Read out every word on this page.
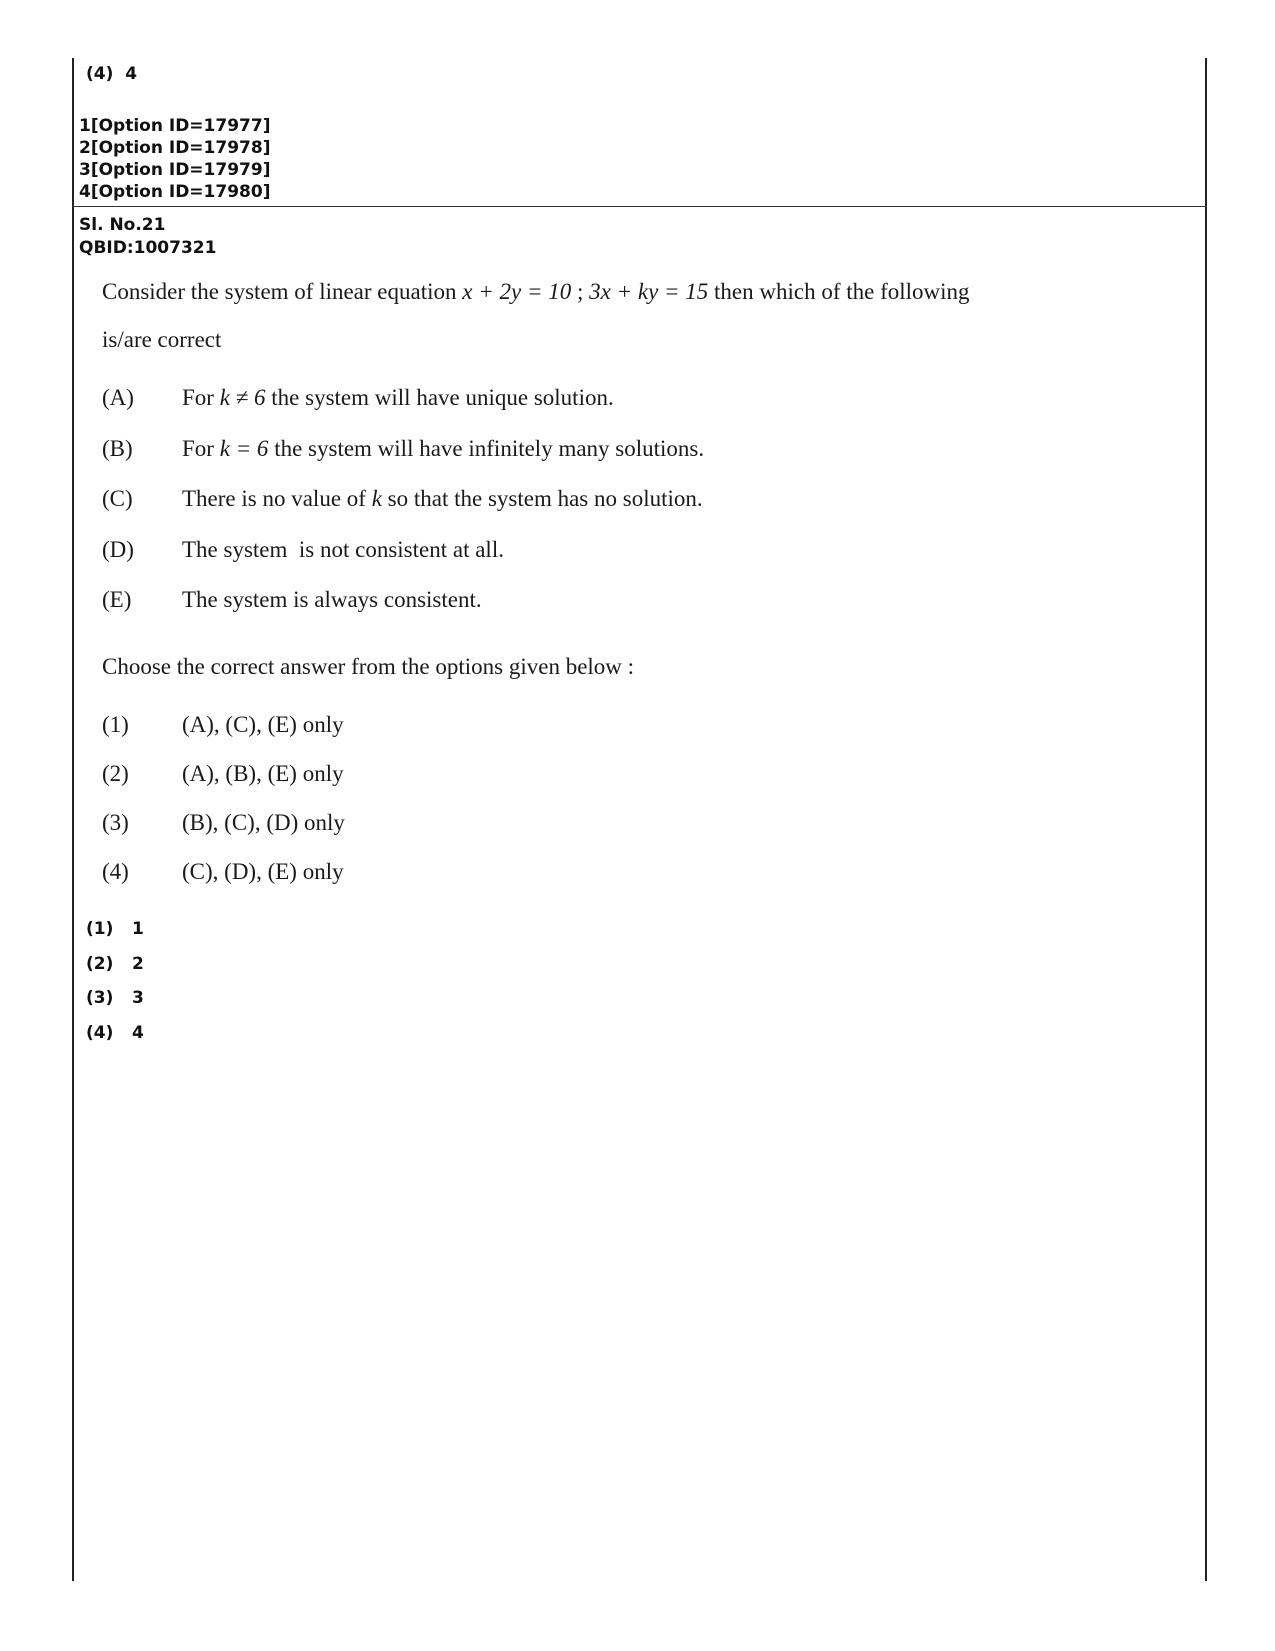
(4) 4
1[Option ID=17977]
2[Option ID=17978]
3[Option ID=17979]
4[Option ID=17980]
Sl. No.21
QBID:1007321
Consider the system of linear equation x + 2y = 10 ; 3x + ky = 15 then which of the following
is/are correct
(A)	For k ≠ 6 the system will have unique solution.
(B)	For k = 6 the system will have infinitely many solutions.
(C)	There is no value of k so that the system has no solution.
(D)	The system  is not consistent at all.
(E)	The system is always consistent.
Choose the correct answer from the options given below :
(1)	(A), (C), (E) only
(2)	(A), (B), (E) only
(3)	(B), (C), (D) only
(4)	(C), (D), (E) only
(1)	1
(2)	2
(3)	3
(4)	4
